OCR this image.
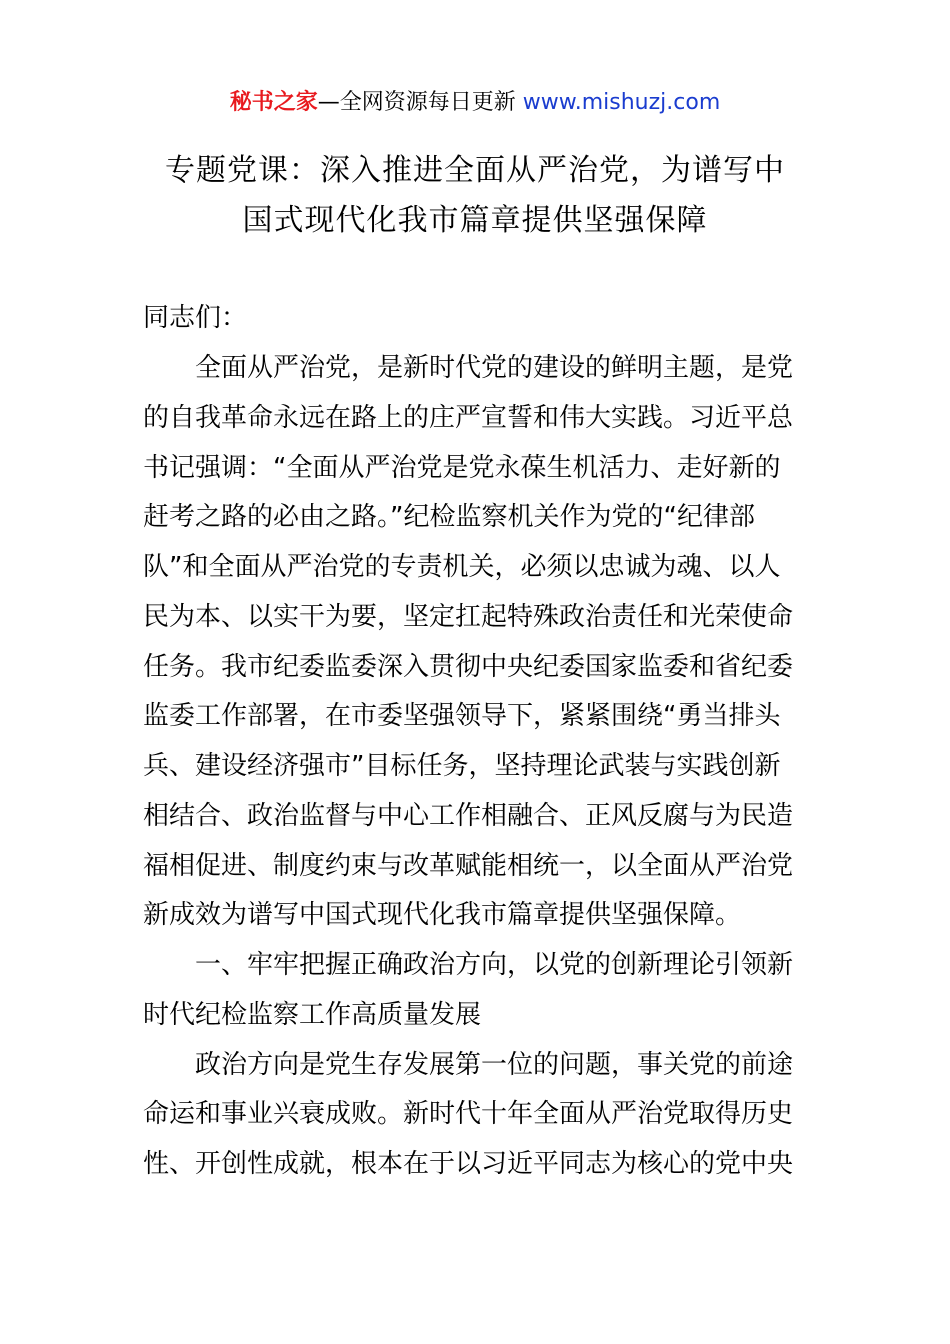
秘书之家—全网资源每日更新 www.mishuzj.com
专题党课：深入推进全面从严治党，为谱写中
国式现代化我市篇章提供坚强保障
同志们：
　　全面从严治党，是新时代党的建设的鲜明主题，是党
的自我革命永远在路上的庄严宣誓和伟大实践。习近平总
书记强调：“全面从严治党是党永葆生机活力、走好新的
赶考之路的必由之路。”纪检监察机关作为党的“纪律部
队”和全面从严治党的专责机关，必须以忠诚为魂、以人
民为本、以实干为要，坚定扛起特殊政治责任和光荣使命
任务。我市纪委监委深入贯彻中央纪委国家监委和省纪委
监委工作部署，在市委坚强领导下，紧紧围绕“勇当排头
兵、建设经济强市”目标任务，坚持理论武装与实践创新
相结合、政治监督与中心工作相融合、正风反腐与为民造
福相促进、制度约束与改革赋能相统一，以全面从严治党
新成效为谱写中国式现代化我市篇章提供坚强保障。
　　一、牢牢把握正确政治方向，以党的创新理论引领新
时代纪检监察工作高质量发展
　　政治方向是党生存发展第一位的问题，事关党的前途
命运和事业兴衰成败。新时代十年全面从严治党取得历史
性、开创性成就，根本在于以习近平同志为核心的党中央
